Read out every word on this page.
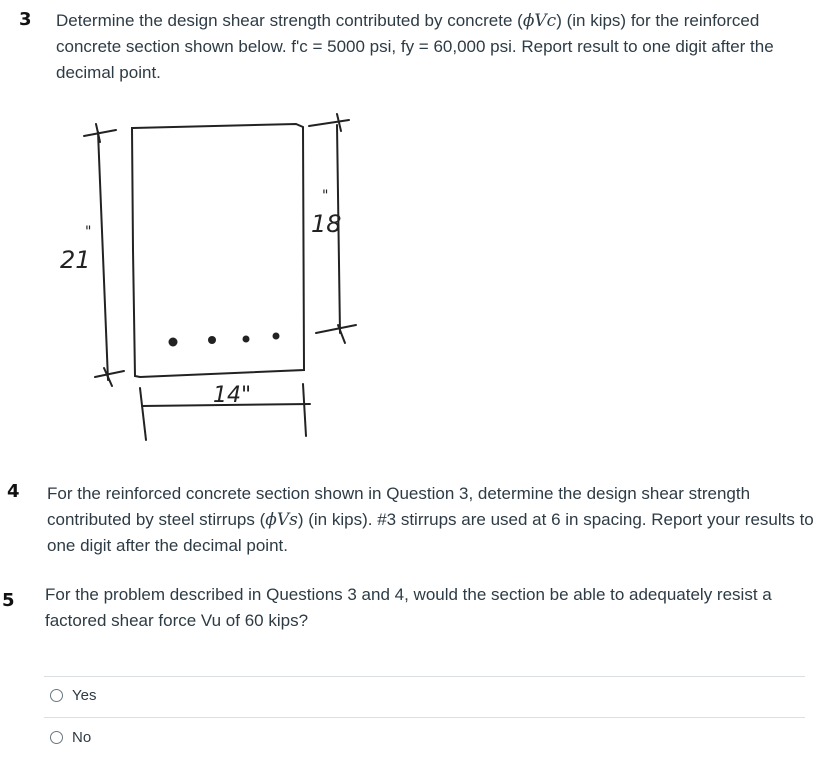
3 Determine the design shear strength contributed by concrete (ϕVc) (in kips) for the reinforced concrete section shown below. f'c = 5000 psi, fy = 60,000 psi. Report result to one digit after the decimal point.
21
"	18
"
14"
4 For the reinforced concrete section shown in Question 3, determine the design shear strength contributed by steel stirrups (ϕVs) (in kips). #3 stirrups are used at 6 in spacing. Report your results to one digit after the decimal point.
5 For the problem described in Questions 3 and 4, would the section be able to adequately resist a factored shear force Vu of 60 kips?
Yes
No
